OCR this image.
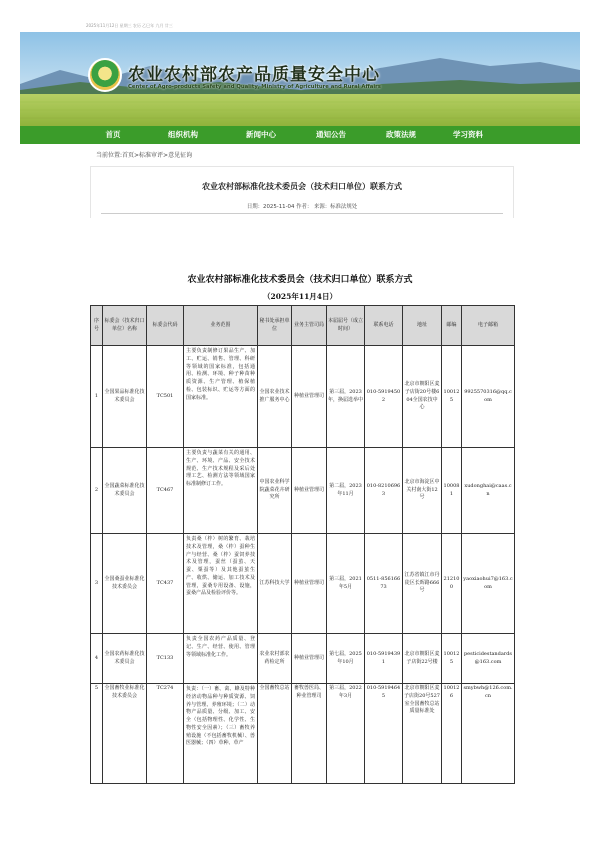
2025年11月12日 星期三 农历 乙巳年 九月 廿三
农业农村部农产品质量安全中心
Center of Agro-products Safety and Quality, Ministry of Agriculture and Rural Affairs
首页	组织机构	新闻中心	通知公告	政策法规	学习资料
当前位置:首页>标准审评>意见征询
农业农村部标准化技术委员会（技术归口单位）联系方式
日期：2025-11-04 作者： 来源：标准法规处
农业农村部标准化技术委员会（技术归口单位）联系方式
（2025年11月4日）
序号	标委会（技术归口单位）名称	标委会代码	业务范围	秘书处承担单位	业务主管司局	本届届号（成立时间）	联系电话	地址	邮编	电子邮箱
1	全国果品标准化技术委员会	TC501	主要负责制修订果品生产、加工、贮运、销售、管理、科研等领域的国家标准，包括通用、检测、环境、种子种苗种质资源、生产管理、植保植检、包装标识、贮运等方面的国家标准。	全国农业技术推广服务中心	种植业管理司	第三届，2023年，换届选举中	010-59194502	北京市朝阳区麦子店街20号楼604全国农技中心	100125	9925570316@qq.com
2	全国蔬菜标准化技术委员会	TC467	主要负责与蔬菜有关的通用、生产、环境、产品、安全技术规范、生产技术规程及采后处理工艺、检测方法等领域国家标准制修订工作。	中国农业科学院蔬菜花卉研究所	种植业管理司	第二届，2023年11月	010-82106963	北京市海淀区中关村南大街12号	100081	xudonghai@caas.cn
3	全国桑蚕业标准化技术委员会	TC437	负责桑（柞）树的繁育、栽培技术及管理，桑（柞）蚕种生产与经营、桑（柞）蚕饲养技术及管理，蚕丝（蚕茧、天蚕、粟蚕等）及其他蚕茧生产、收烘、储运、加工技术及管理，蚕桑专用设备、设施，蚕桑产品及检验评价等。	江苏科技大学	种植业管理司	第三届，2021年5月	0511-85616673	江苏省镇江市丹徒区长晖路666号	212100	yaoxiaohui7@163.com
4	全国农药标准化技术委员会	TC133	负责全国农药产品质量、登记、生产、经营、使用、管理等领域标准化工作。	农业农村部农药检定所	种植业管理司	第七届，2025年10月	010-59194391	北京市朝阳区麦子店街22号楼	100125	pesticidestandards@163.com
5	全国畜牧业标准化技术委员会	TC274	负责：（一）畜、禽、蜂及特种经济动物品种与种质资源、饲养与管理、养殖环境；（二）动物产品质量、分级、加工、安全（包括物理性、化学性、生物性安全因素）；（三）畜牧养殖设施（不包括畜牧机械）、兽医器械；（四）草种、草产	全国畜牧总站	畜牧兽医局、种业管理司	第三届，2022年3月	010-59194645	北京市朝阳区麦子店街20号527室全国畜牧总站质量标准处	100126	smybwh@126.com.cn
